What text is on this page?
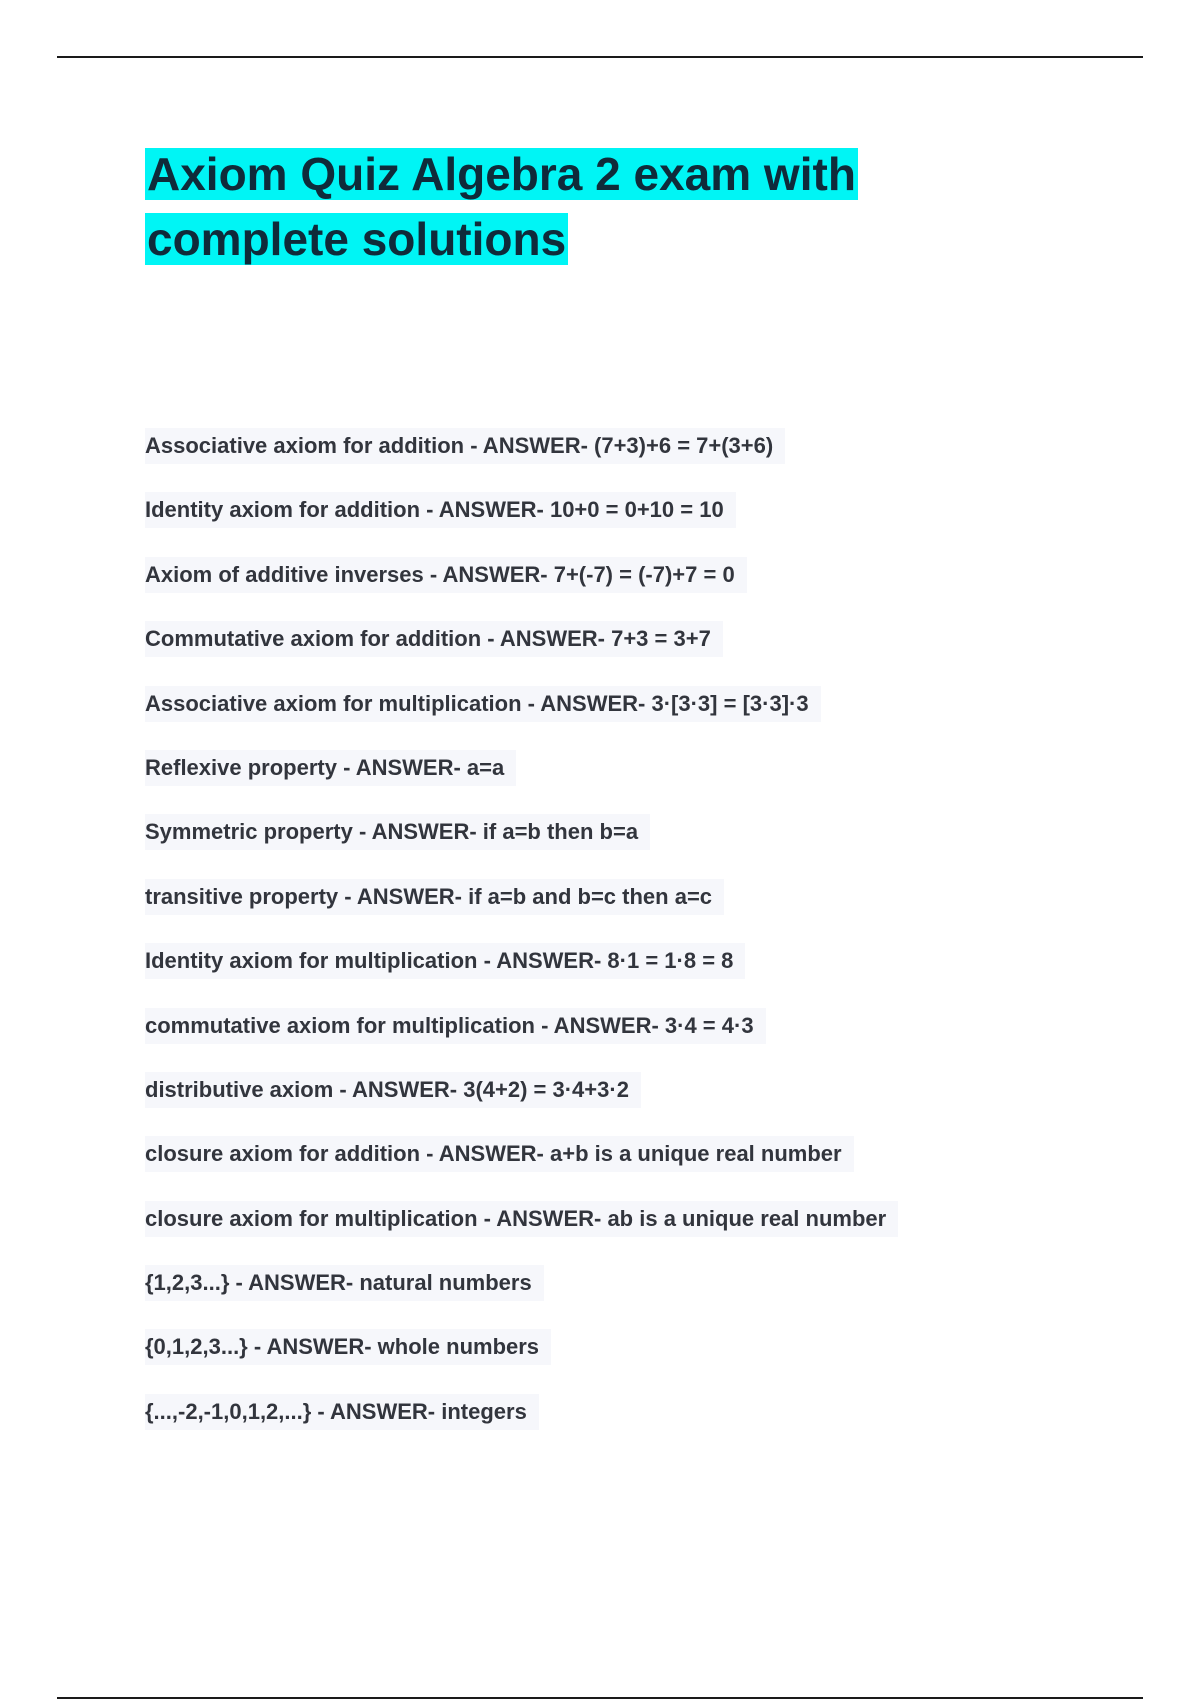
Axiom Quiz Algebra 2 exam with complete solutions
Associative axiom for addition - ANSWER- (7+3)+6 = 7+(3+6)
Identity axiom for addition - ANSWER- 10+0 = 0+10 = 10
Axiom of additive inverses - ANSWER- 7+(-7) = (-7)+7 = 0
Commutative axiom for addition - ANSWER- 7+3 = 3+7
Associative axiom for multiplication - ANSWER- 3·[3·3] = [3·3]·3
Reflexive property - ANSWER- a=a
Symmetric property - ANSWER- if a=b then b=a
transitive property - ANSWER- if a=b and b=c then a=c
Identity axiom for multiplication - ANSWER- 8·1 = 1·8 = 8
commutative axiom for multiplication - ANSWER- 3·4 = 4·3
distributive axiom - ANSWER- 3(4+2) = 3·4+3·2
closure axiom for addition - ANSWER- a+b is a unique real number
closure axiom for multiplication - ANSWER- ab is a unique real number
{1,2,3...} - ANSWER- natural numbers
{0,1,2,3...} - ANSWER- whole numbers
{...,-2,-1,0,1,2,...} - ANSWER- integers
